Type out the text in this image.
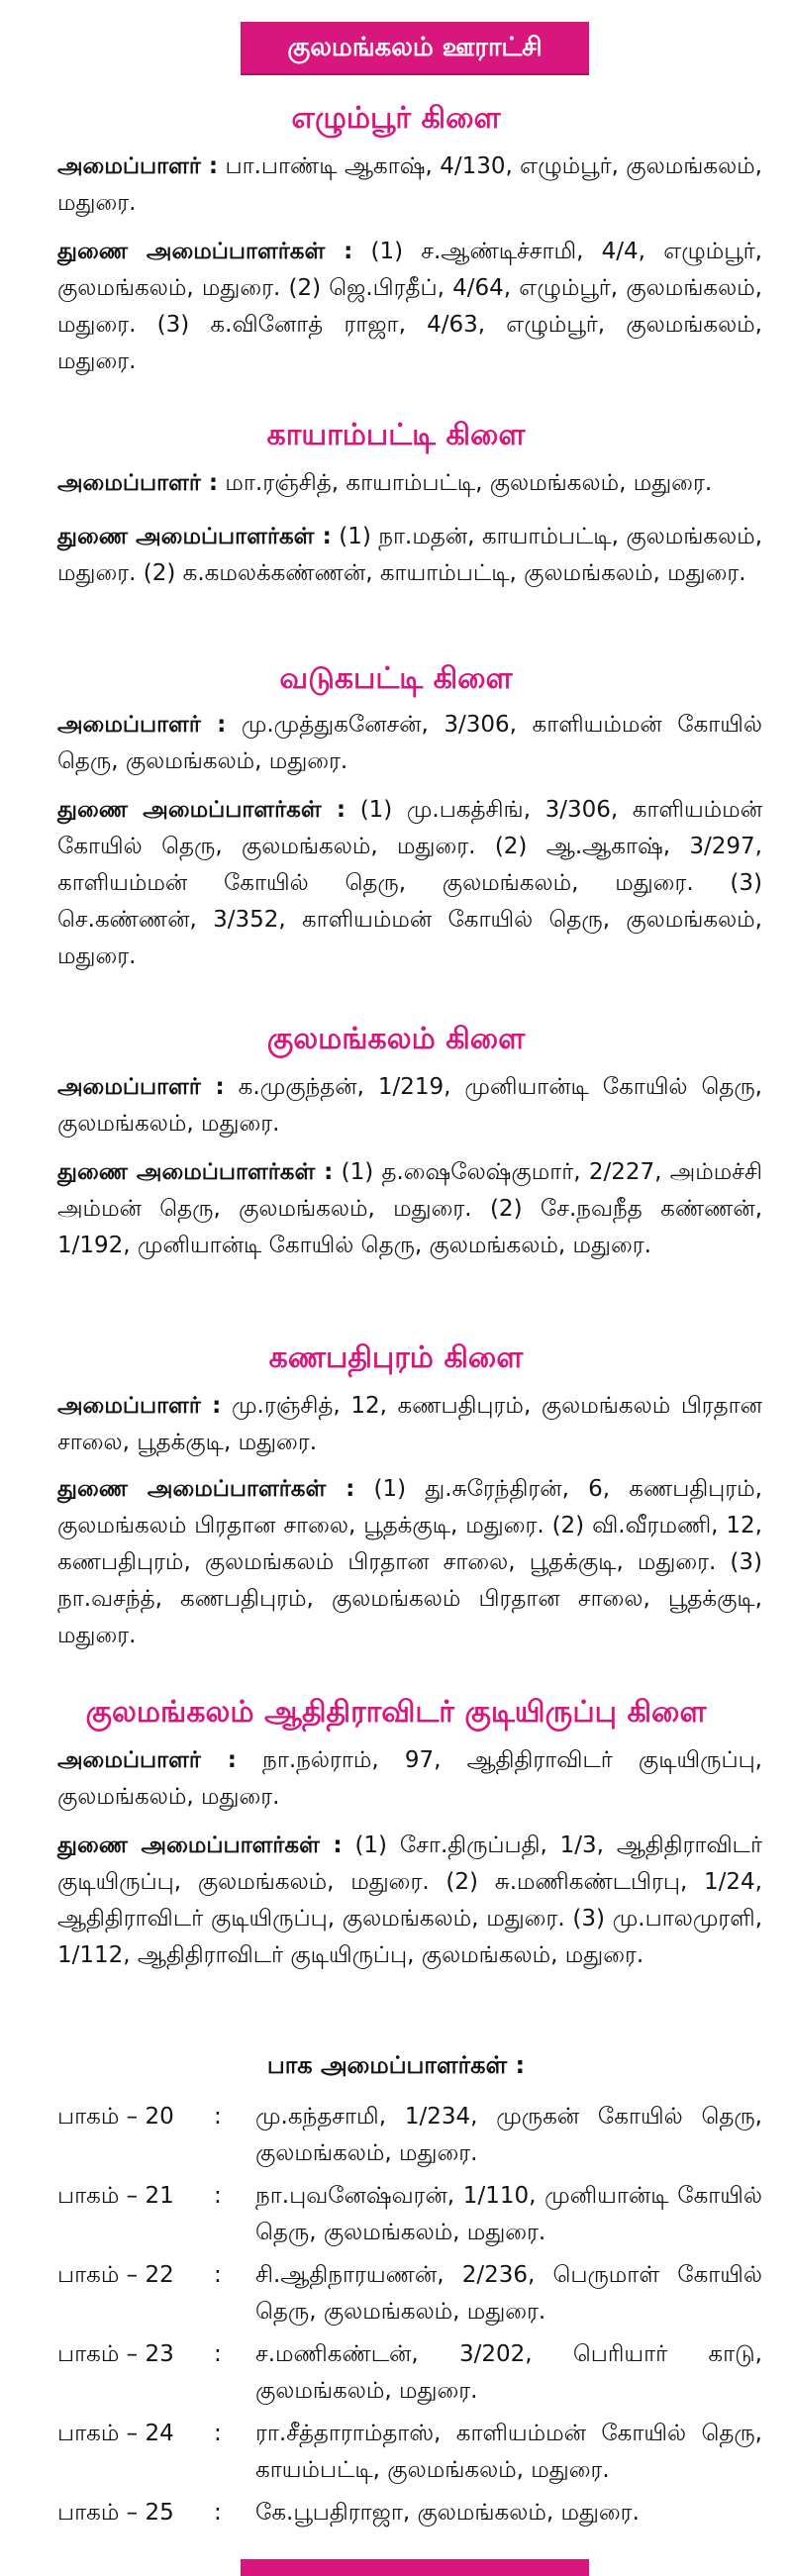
குலமங்கலம் ஊராட்சி
எழும்பூர் கிளை
அமைப்பாளர் : பா.பாண்டி ஆகாஷ், 4/130, எழும்பூர், குலமங்கலம், மதுரை.
துணை அமைப்பாளர்கள் : (1) ச.ஆண்டிச்சாமி, 4/4, எழும்பூர், குலமங்கலம், மதுரை. (2) ஜெ.பிரதீப், 4/64, எழும்பூர், குலமங்கலம், மதுரை. (3) க.வினோத் ராஜா, 4/63, எழும்பூர், குலமங்கலம், மதுரை.
காயாம்பட்டி கிளை
அமைப்பாளர் : மா.ரஞ்சித், காயாம்பட்டி, குலமங்கலம், மதுரை.
துணை அமைப்பாளர்கள் : (1) நா.மதன், காயாம்பட்டி, குலமங்கலம், மதுரை. (2) க.கமலக்கண்ணன், காயாம்பட்டி, குலமங்கலம், மதுரை.
வடுகபட்டி கிளை
அமைப்பாளர் : மு.முத்துகனேசன், 3/306, காளியம்மன் கோயில் தெரு, குலமங்கலம், மதுரை.
துணை அமைப்பாளர்கள் : (1) மு.பகத்சிங், 3/306, காளியம்மன் கோயில் தெரு, குலமங்கலம், மதுரை. (2) ஆ.ஆகாஷ், 3/297, காளியம்மன் கோயில் தெரு, குலமங்கலம், மதுரை. (3) செ.கண்ணன், 3/352, காளியம்மன் கோயில் தெரு, குலமங்கலம், மதுரை.
குலமங்கலம் கிளை
அமைப்பாளர் : க.முகுந்தன், 1/219, முனியான்டி கோயில் தெரு, குலமங்கலம், மதுரை.
துணை அமைப்பாளர்கள் : (1) த.ஷைலேஷ்குமார், 2/227, அம்மச்சி அம்மன் தெரு, குலமங்கலம், மதுரை. (2) சே.நவநீத கண்ணன், 1/192, முனியான்டி கோயில் தெரு, குலமங்கலம், மதுரை.
கணபதிபுரம் கிளை
அமைப்பாளர் : மு.ரஞ்சித், 12, கணபதிபுரம், குலமங்கலம் பிரதான சாலை, பூதக்குடி, மதுரை.
துணை அமைப்பாளர்கள் : (1) து.சுரேந்திரன், 6, கணபதிபுரம், குலமங்கலம் பிரதான சாலை, பூதக்குடி, மதுரை. (2) வி.வீரமணி, 12, கணபதிபுரம், குலமங்கலம் பிரதான சாலை, பூதக்குடி, மதுரை. (3) நா.வசந்த், கணபதிபுரம், குலமங்கலம் பிரதான சாலை, பூதக்குடி, மதுரை.
குலமங்கலம் ஆதிதிராவிடர் குடியிருப்பு கிளை
அமைப்பாளர் : நா.நல்ராம், 97, ஆதிதிராவிடர் குடியிருப்பு, குலமங்கலம், மதுரை.
துணை அமைப்பாளர்கள் : (1) சோ.திருப்பதி, 1/3, ஆதிதிராவிடர் குடியிருப்பு, குலமங்கலம், மதுரை. (2) சு.மணிகண்டபிரபு, 1/24, ஆதிதிராவிடர் குடியிருப்பு, குலமங்கலம், மதுரை. (3) மு.பாலமுரளி, 1/112, ஆதிதிராவிடர் குடியிருப்பு, குலமங்கலம், மதுரை.
பாக அமைப்பாளர்கள் :
பாகம் – 20	:	மு.கந்தசாமி, 1/234, முருகன் கோயில் தெரு, குலமங்கலம், மதுரை.
பாகம் – 21	:	நா.புவனேஷ்வரன், 1/110, முனியான்டி கோயில் தெரு, குலமங்கலம், மதுரை.
பாகம் – 22	:	சி.ஆதிநாரயணன், 2/236, பெருமாள் கோயில் தெரு, குலமங்கலம், மதுரை.
பாகம் – 23	:	ச.மணிகண்டன், 3/202, பெரியார் காடு, குலமங்கலம், மதுரை.
பாகம் – 24	:	ரா.சீத்தாராம்தாஸ், காளியம்மன் கோயில் தெரு, காயம்பட்டி, குலமங்கலம், மதுரை.
பாகம் – 25	:	கே.பூபதிராஜா, குலமங்கலம், மதுரை.
